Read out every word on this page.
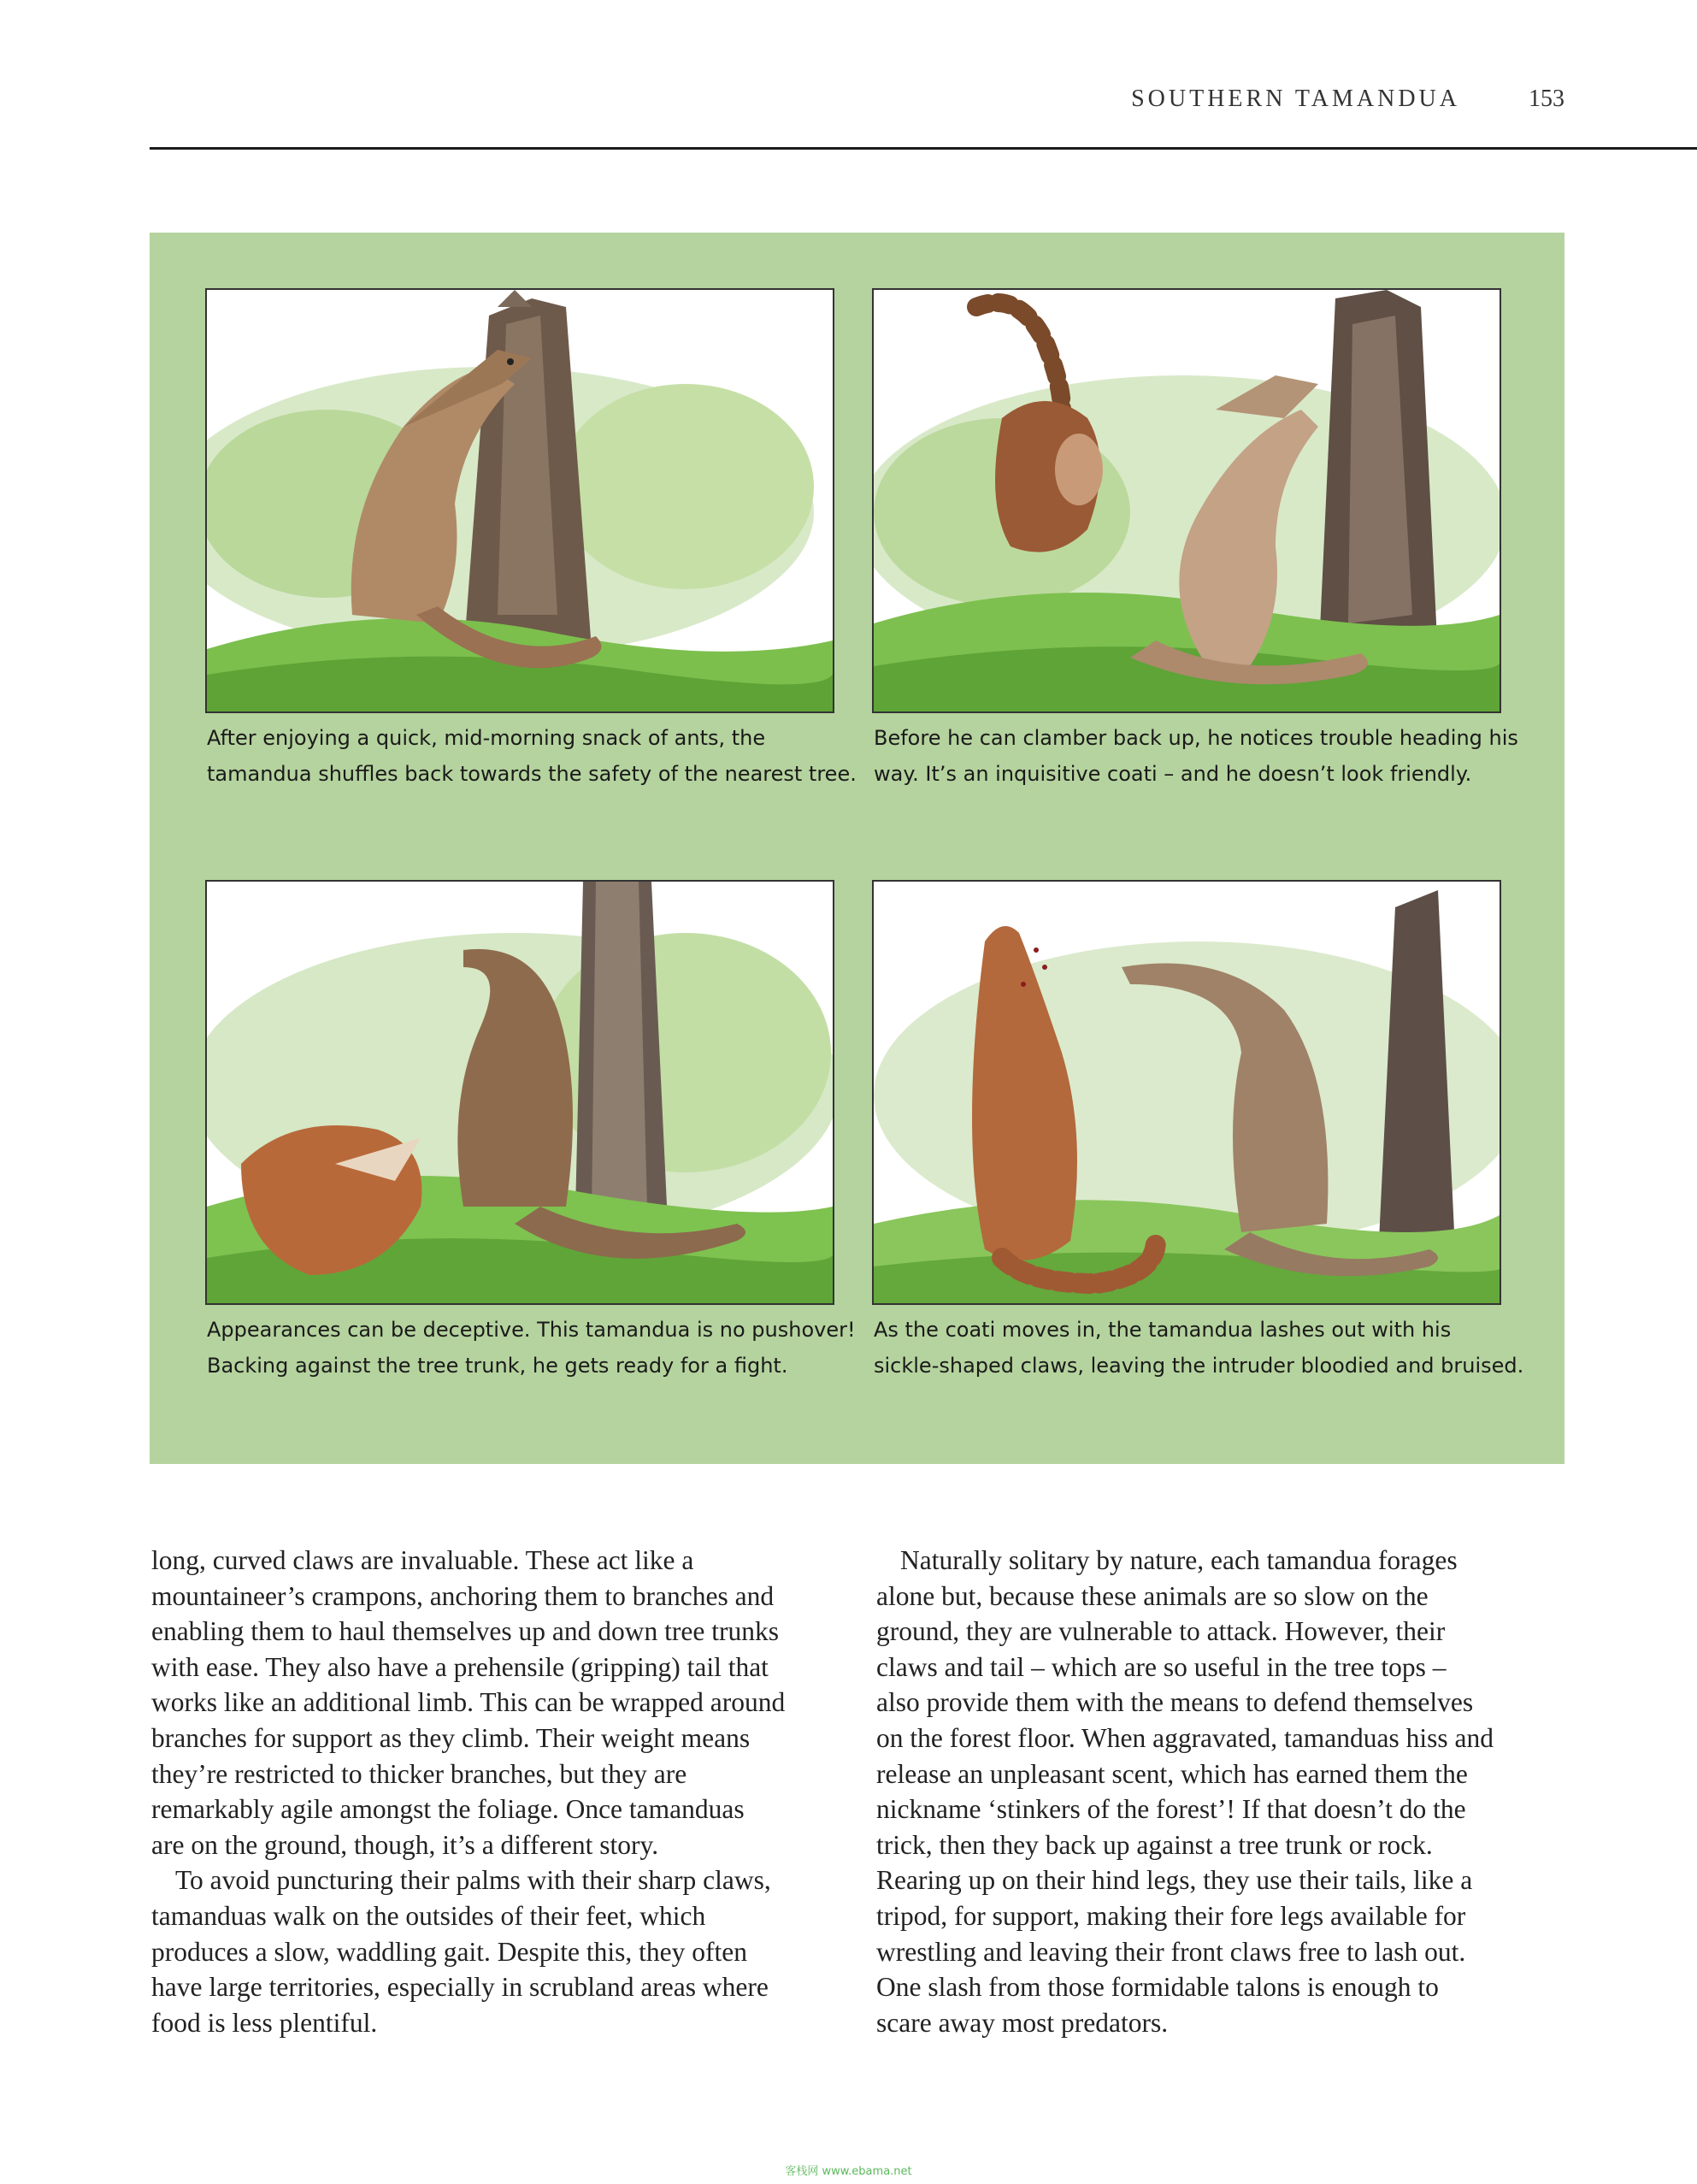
SOUTHERN TAMANDUA	153
After enjoying a quick, mid-morning snack of ants, the
tamandua shuffles back towards the safety of the nearest tree.
Before he can clamber back up, he notices trouble heading his
way. It’s an inquisitive coati – and he doesn’t look friendly.
Appearances can be deceptive. This tamandua is no pushover!
Backing against the tree trunk, he gets ready for a fight.
As the coati moves in, the tamandua lashes out with his
sickle-shaped claws, leaving the intruder bloodied and bruised.
long, curved claws are invaluable. These act like a
mountaineer’s crampons, anchoring them to branches and
enabling them to haul themselves up and down tree trunks
with ease. They also have a prehensile (gripping) tail that
works like an additional limb. This can be wrapped around
branches for support as they climb. Their weight means
they’re restricted to thicker branches, but they are
remarkably agile amongst the foliage. Once tamanduas
are on the ground, though, it’s a different story.
To avoid puncturing their palms with their sharp claws,
tamanduas walk on the outsides of their feet, which
produces a slow, waddling gait. Despite this, they often
have large territories, especially in scrubland areas where
food is less plentiful.
Naturally solitary by nature, each tamandua forages
alone but, because these animals are so slow on the
ground, they are vulnerable to attack. However, their
claws and tail – which are so useful in the tree tops –
also provide them with the means to defend themselves
on the forest floor. When aggravated, tamanduas hiss and
release an unpleasant scent, which has earned them the
nickname ‘stinkers of the forest’! If that doesn’t do the
trick, then they back up against a tree trunk or rock.
Rearing up on their hind legs, they use their tails, like a
tripod, for support, making their fore legs available for
wrestling and leaving their front claws free to lash out.
One slash from those formidable talons is enough to
scare away most predators.
客栈网 www.ebama.net
